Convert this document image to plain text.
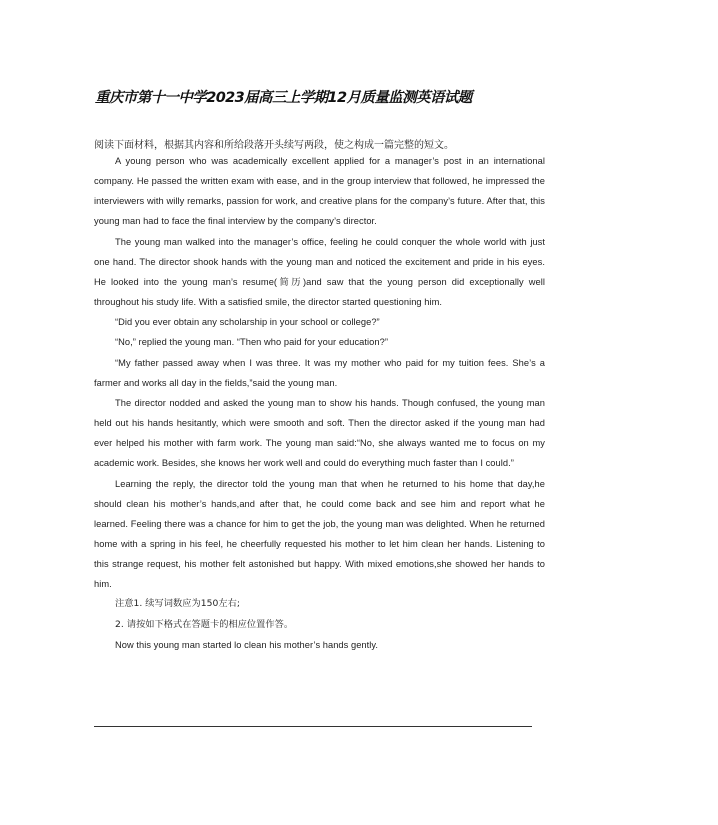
重庆市第十一中学2023届高三上学期12月质量监测英语试题
阅读下面材料，根据其内容和所给段落开头续写两段，使之构成一篇完整的短文。

A young person who was academically excellent applied for a manager’s post in an international company. He passed the written exam with ease, and in the group interview that followed, he impressed the interviewers with willy remarks, passion for work, and creative plans for the company’s future. After that, this young man had to face the final interview by the company’s director.

The young man walked into the manager’s office, feeling he could conquer the whole world with just one hand. The director shook hands with the young man and noticed the excitement and pride in his eyes. He looked into the young man’s resume(简历)and saw that the young person did exceptionally well throughout his study life. With a satisfied smile, the director started questioning him.

“Did you ever obtain any scholarship in your school or college?”

“No,” replied the young man. “Then who paid for your education?”

“My father passed away when I was three. It was my mother who paid for my tuition fees. She’s a farmer and works all day in the fields,”said the young man.

The director nodded and asked the young man to show his hands. Though confused, the young man held out his hands hesitantly, which were smooth and soft. Then the director asked if the young man had ever helped his mother with farm work. The young man said:“No, she always wanted me to focus on my academic work. Besides, she knows her work well and could do everything much faster than I could.”

Learning the reply, the director told the young man that when he returned to his home that day,he should clean his mother’s hands,and after that, he could come back and see him and report what he learned. Feeling there was a chance for him to get the job, the young man was delighted. When he returned home with a spring in his feel, he cheerfully requested his mother to let him clean her hands. Listening to this strange request, his mother felt astonished but happy. With mixed emotions,she showed her hands to him.

注意1. 续写词数应为150左右;

2. 请按如下格式在答题卡的相应位置作答。

Now this young man started lo clean his mother’s hands gently.
